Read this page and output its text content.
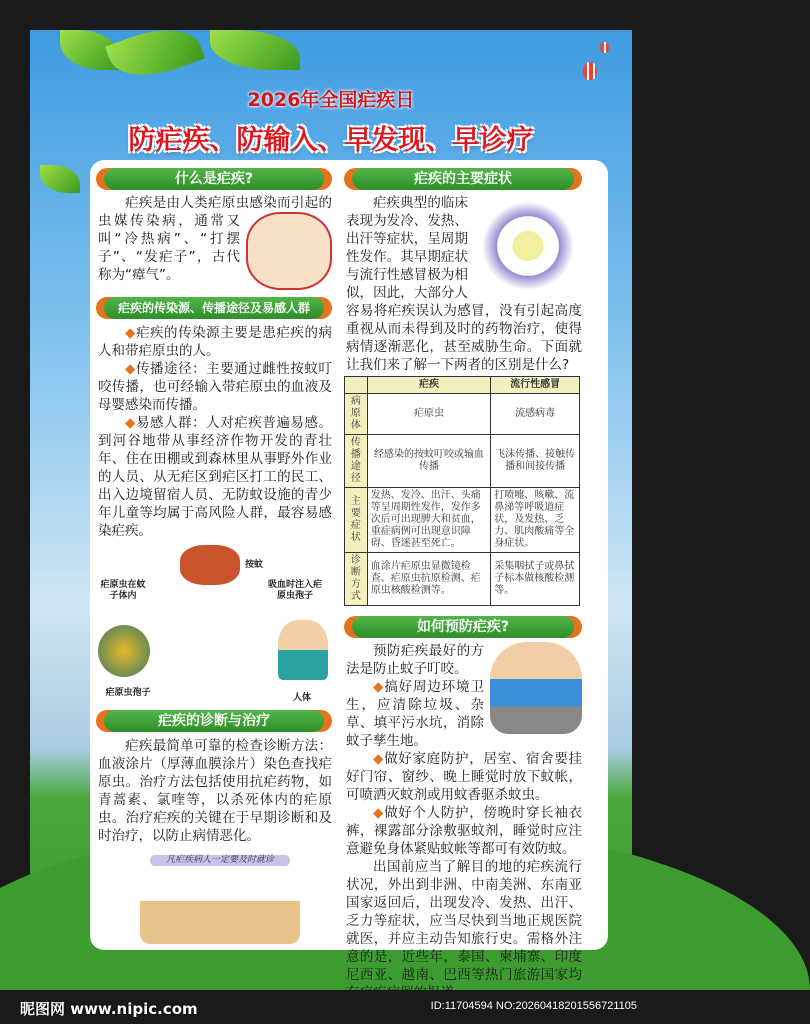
2026年全国疟疾日
防疟疾、防输入、早发现、早诊疗
什么是疟疾?

疟疾是由人类疟原虫感染而引起的虫媒传染病，通常又叫“冷热病”、“打摆子”、“发疟子”，古代称为“瘴气”。

疟疾的传染源、传播途径及易感人群

◆疟疾的传染源主要是患疟疾的病人和带疟原虫的人。

◆传播途径：主要通过雌性按蚊叮咬传播，也可经输入带疟原虫的血液及母婴感染而传播。

◆易感人群：人对疟疾普遍易感。到河谷地带从事经济作物开发的青壮年、住在田棚或到森林里从事野外作业的人员、从无疟区到疟区打工的民工、出入边境留宿人员、无防蚊设施的青少年儿童等均属于高风险人群，最容易感染疟疾。

按蚊
疟原虫在蚊子体内
吸血时注入疟原虫孢子
疟原虫孢子	人体
疟疾的诊断与治疗
疟疾最简单可靠的检查诊断方法：血液涂片（厚薄血膜涂片）染色查找疟原虫。治疗方法包括使用抗疟药物，如青蒿素、氯喹等，以杀死体内的疟原虫。治疗疟疾的关键在于早期诊断和及时治疗，以防止病情恶化。
凡疟疾病人一定要及时就诊
疟疾的主要症状

疟疾典型的临床表现为发冷、发热、出汗等症状，呈周期性发作。其早期症状与流行性感冒极为相似，因此，大部分人容易将疟疾误认为感冒，没有引起高度重视从而未得到及时的药物治疗，使得病情逐渐恶化，甚至威胁生命。下面就让我们来了解一下两者的区别是什么?

	疟疾	流行性感冒
病原体	疟原虫	流感病毒
传播途径	经感染的按蚊叮咬或输血传播	飞沫传播、接触传播和间接传播
主要症状	发热、发冷、出汗、头痛等呈周期性发作，发作多次后可出现脾大和贫血，重症病例可出现意识障碍、昏迷甚至死亡。	打喷嚏、咳嗽、流鼻涕等呼吸道症状，及发热、乏力、肌肉酸痛等全身症状。
诊断方式	血涂片疟原虫显微镜检查、疟原虫抗原检测、疟原虫核酸检测等。	采集咽拭子或鼻拭子标本做核酸检测等。
如何预防疟疾?

预防疟疾最好的方法是防止蚊子叮咬。

◆搞好周边环境卫生，应清除垃圾、杂草、填平污水坑，消除蚊子孳生地。

◆做好家庭防护，居室、宿舍要挂好门帘、窗纱、晚上睡觉时放下蚊帐，可喷洒灭蚊剂或用蚊香驱杀蚊虫。

◆做好个人防护，傍晚时穿长袖衣裤，裸露部分涂敷驱蚊剂，睡觉时应注意避免身体紧贴蚊帐等都可有效防蚊。

出国前应当了解目的地的疟疾流行状况，外出到非洲、中南美洲、东南亚国家返回后，出现发冷、发热、出汗、乏力等症状，应当尽快到当地正规医院就医，并应主动告知旅行史。需格外注意的是，近些年，泰国、柬埔寨、印度尼西亚、越南、巴西等热门旅游国家均有疟疾病例的报道。

昵图网 www.nipic.com	ID:11704594 NO:20260418201556721105
